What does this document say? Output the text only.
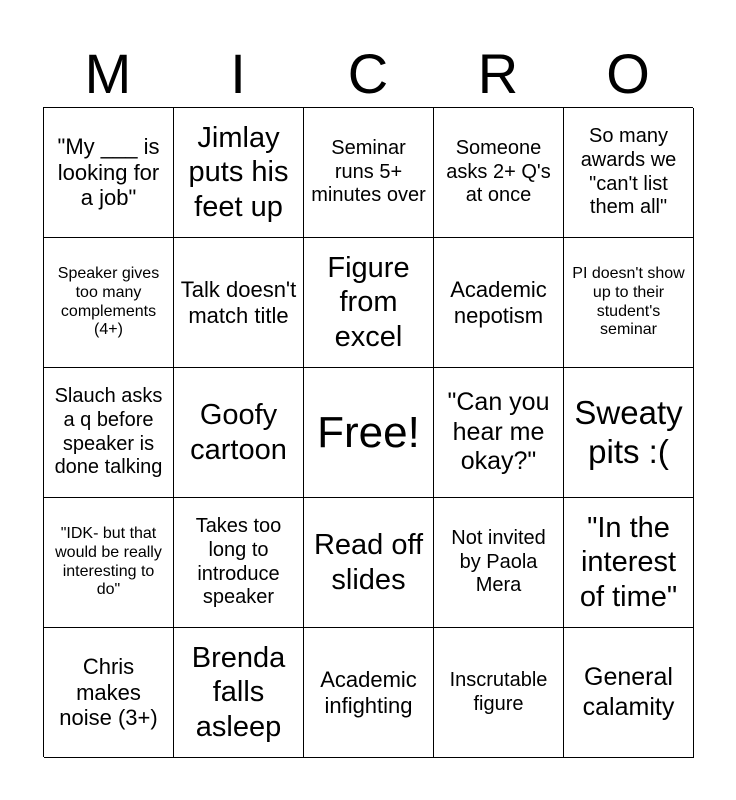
M	I	C	R	O
"My ___ is looking for a job"
Jimlay puts his feet up
Seminar runs 5+ minutes over
Someone asks 2+ Q's at once
So many awards we "can't list them all"
Speaker gives too many complements (4+)
Talk doesn't match title
Figure from excel
Academic nepotism
PI doesn't show up to their student's seminar
Slauch asks a q before speaker is done talking
Goofy cartoon Free!
"Can you hear me okay?"
Sweaty pits :(
"IDK- but that would be really interesting to do"
Takes too long to introduce speaker
Read off slides
Not invited by Paola Mera
"In the interest of time"
Chris makes noise (3+)
Brenda falls asleep
Academic infighting
Inscrutable figure
General calamity
